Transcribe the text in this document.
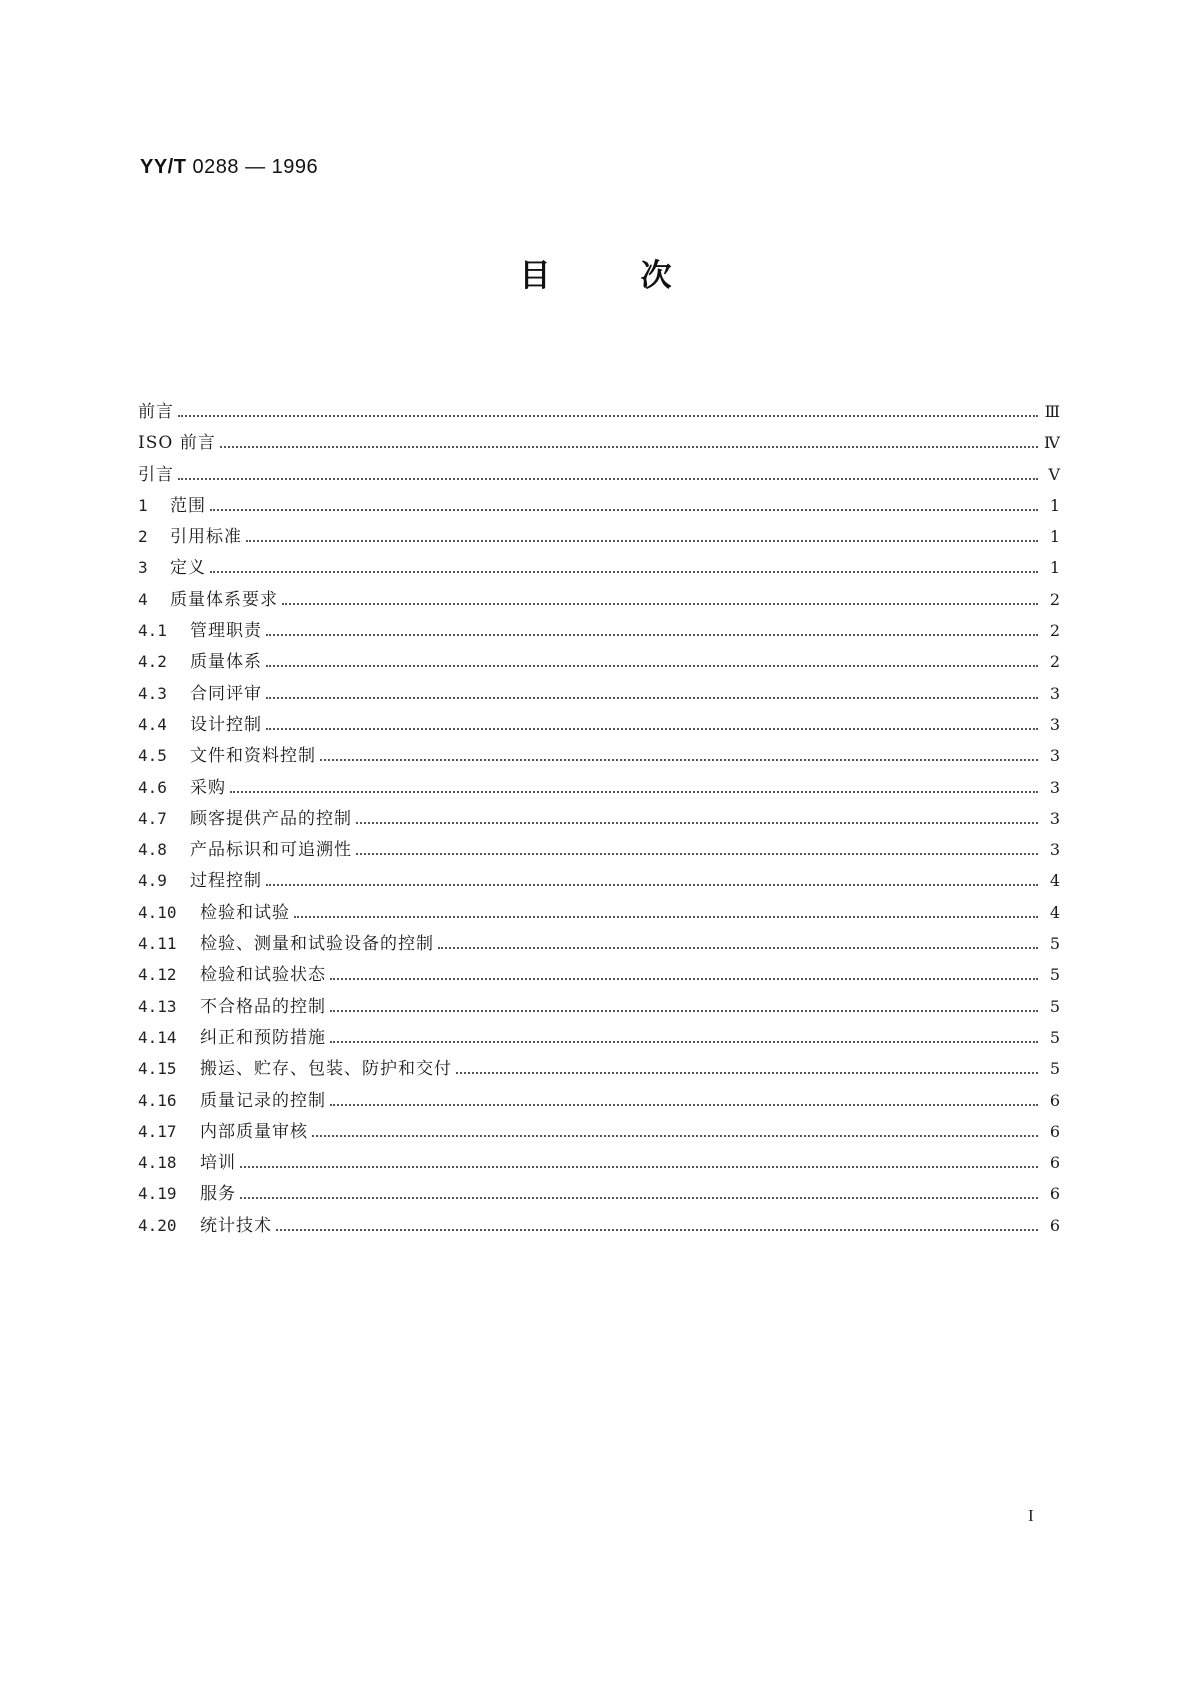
YY/T 0288 — 1996
目次
前言	Ⅲ
ISO 前言	Ⅳ
引言	Ⅴ
1	范围	1
2	引用标准	1
3	定义	1
4	质量体系要求	2
4.1	管理职责	2
4.2	质量体系	2
4.3	合同评审	3
4.4	设计控制	3
4.5	文件和资料控制	3
4.6	采购	3
4.7	顾客提供产品的控制	3
4.8	产品标识和可追溯性	3
4.9	过程控制	4
4.10	检验和试验	4
4.11	检验、测量和试验设备的控制	5
4.12	检验和试验状态	5
4.13	不合格品的控制	5
4.14	纠正和预防措施	5
4.15	搬运、贮存、包装、防护和交付	5
4.16	质量记录的控制	6
4.17	内部质量审核	6
4.18	培训	6
4.19	服务	6
4.20	统计技术	6
I
